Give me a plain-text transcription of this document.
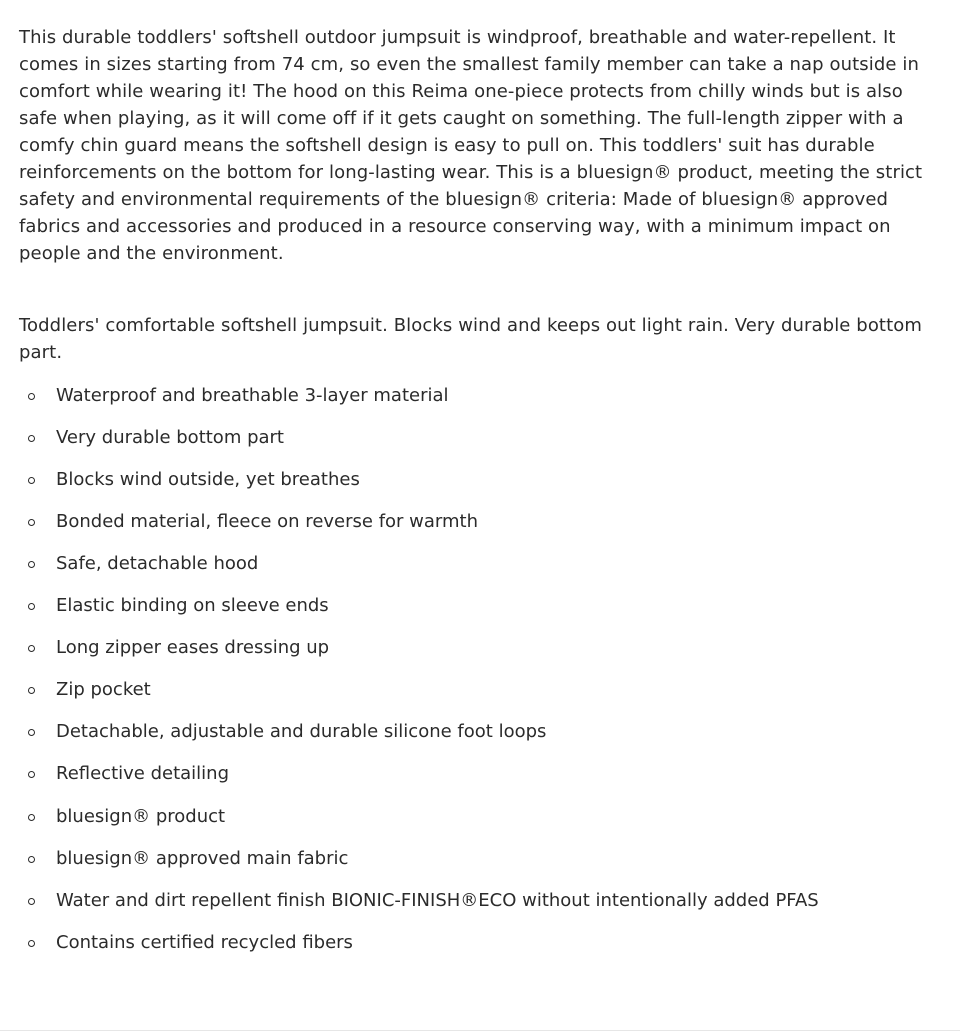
This durable toddlers' softshell outdoor jumpsuit is windproof, breathable and water-repellent. It comes in sizes starting from 74 cm, so even the smallest family member can take a nap outside in comfort while wearing it! The hood on this Reima one-piece protects from chilly winds but is also safe when playing, as it will come off if it gets caught on something. The full-length zipper with a comfy chin guard means the softshell design is easy to pull on. This toddlers' suit has durable reinforcements on the bottom for long-lasting wear. This is a bluesign® product, meeting the strict safety and environmental requirements of the bluesign® criteria: Made of bluesign® approved fabrics and accessories and produced in a resource conserving way, with a minimum impact on people and the environment.

Toddlers' comfortable softshell jumpsuit. Blocks wind and keeps out light rain. Very durable bottom part.

Waterproof and breathable 3-layer material
Very durable bottom part
Blocks wind outside, yet breathes
Bonded material, fleece on reverse for warmth
Safe, detachable hood
Elastic binding on sleeve ends
Long zipper eases dressing up
Zip pocket
Detachable, adjustable and durable silicone foot loops
Reflective detailing
bluesign® product
bluesign® approved main fabric
Water and dirt repellent finish BIONIC-FINISH®ECO without intentionally added PFAS
Contains certified recycled fibers
